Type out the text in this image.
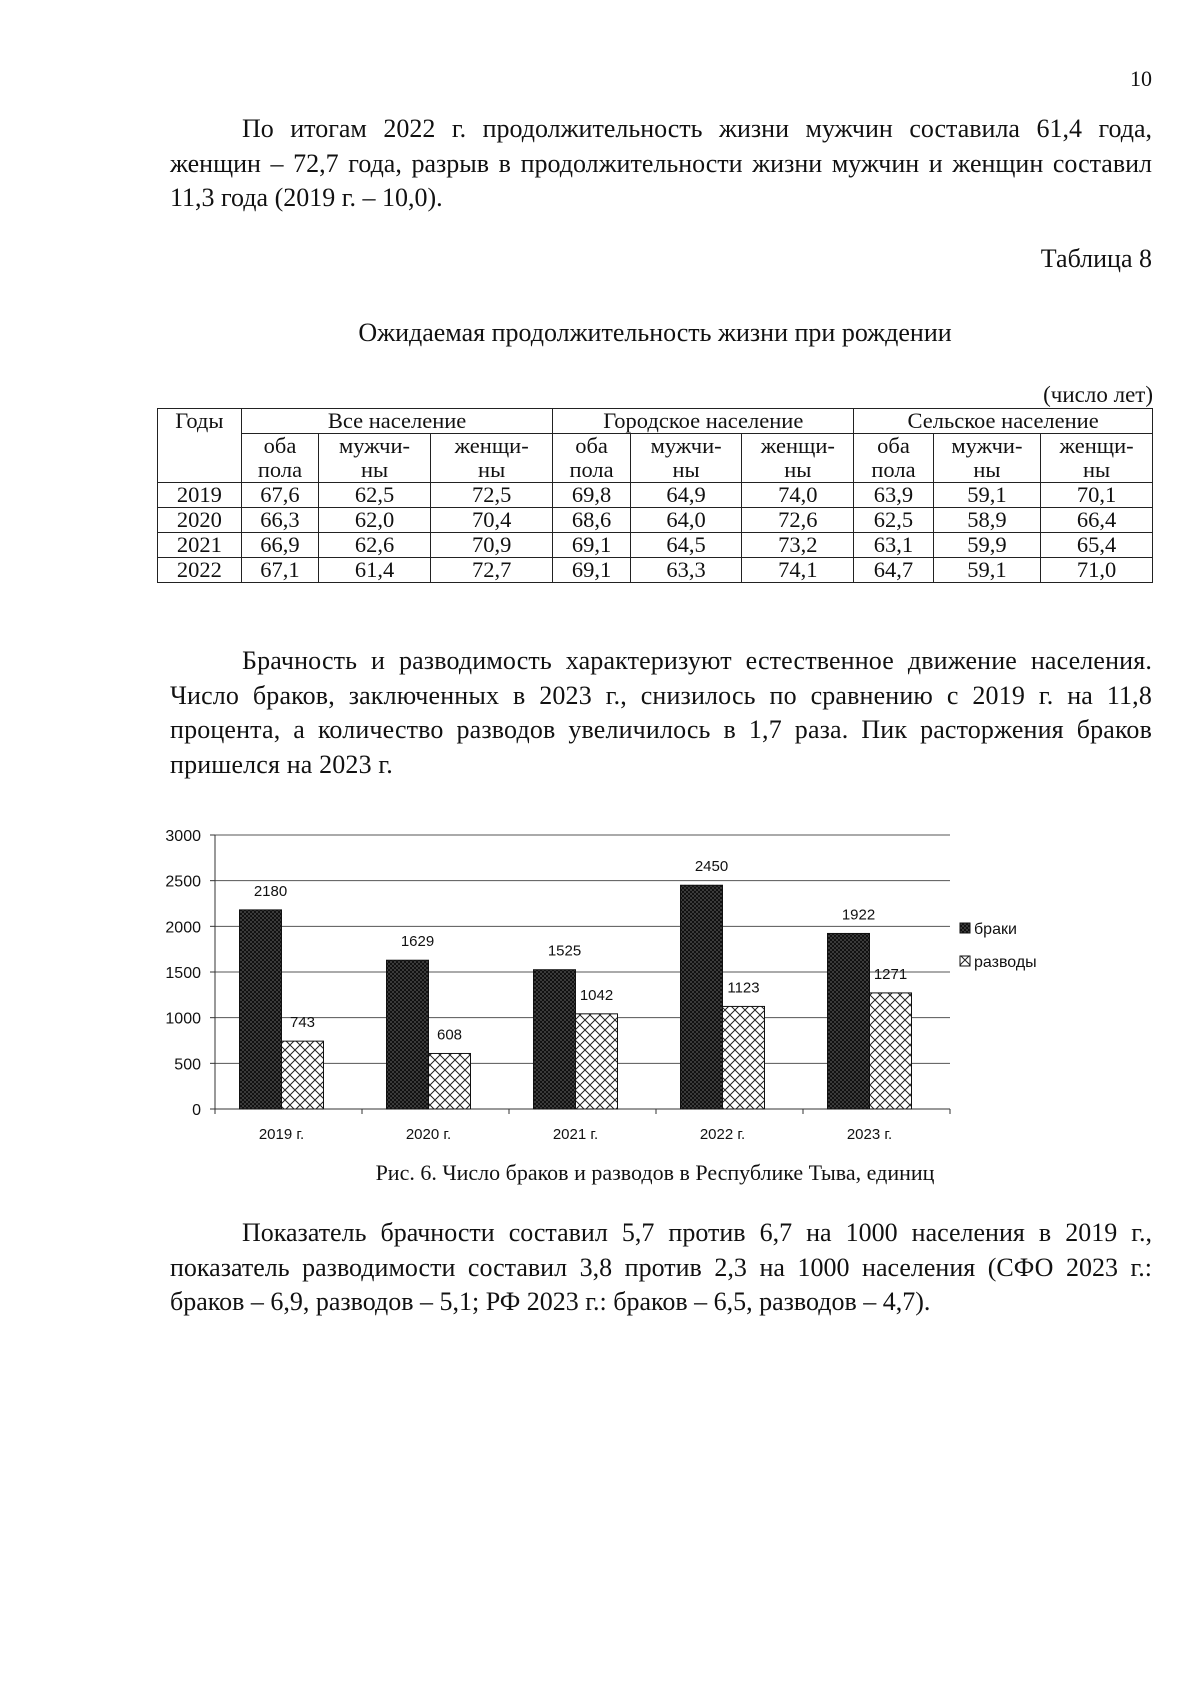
10

По итогам 2022 г. продолжительность жизни мужчин составила 61,4 года, женщин – 72,7 года, разрыв в продолжительности жизни мужчин и женщин составил 11,3 года (2019 г. – 10,0).

Таблица 8
Ожидаемая продолжительность жизни при рождении
(число лет)
Годы	Все население			Городское население			Сельское население		
	оба	мужчи-	женщи-	оба	мужчи-	женщи-	оба	мужчи-	женщи-
	пола	ны	ны	пола	ны	ны	пола	ны	ны
2019	67,6	62,5	72,5	69,8	64,9	74,0	63,9	59,1	70,1
2020	66,3	62,0	70,4	68,6	64,0	72,6	62,5	58,9	66,4
2021	66,9	62,6	70,9	69,1	64,5	73,2	63,1	59,9	65,4
2022	67,1	61,4	72,7	69,1	63,3	74,1	64,7	59,1	71,0

Брачность и разводимость характеризуют естественное движение населения. Число браков, заключенных в 2023 г., снизилось по сравнению с 2019 г. на 11,8 процента, а количество разводов увеличилось в 1,7 раза. Пик расторжения браков пришелся на 2023 г.

0
500
1000
1500
2000
2500
3000
2180
743
2019 г.
1629
608
2020 г.
1525
1042
2021 г.
2450
1123
2022 г.
1922
1271
2023 г.
браки
разводы
Рис. 6. Число браков и разводов в Республике Тыва, единиц

Показатель брачности составил 5,7 против 6,7 на 1000 населения в 2019 г., показатель разводимости составил 3,8 против 2,3 на 1000 населения (СФО 2023 г.: браков – 6,9, разводов – 5,1; РФ 2023 г.: браков – 6,5, разводов – 4,7).
